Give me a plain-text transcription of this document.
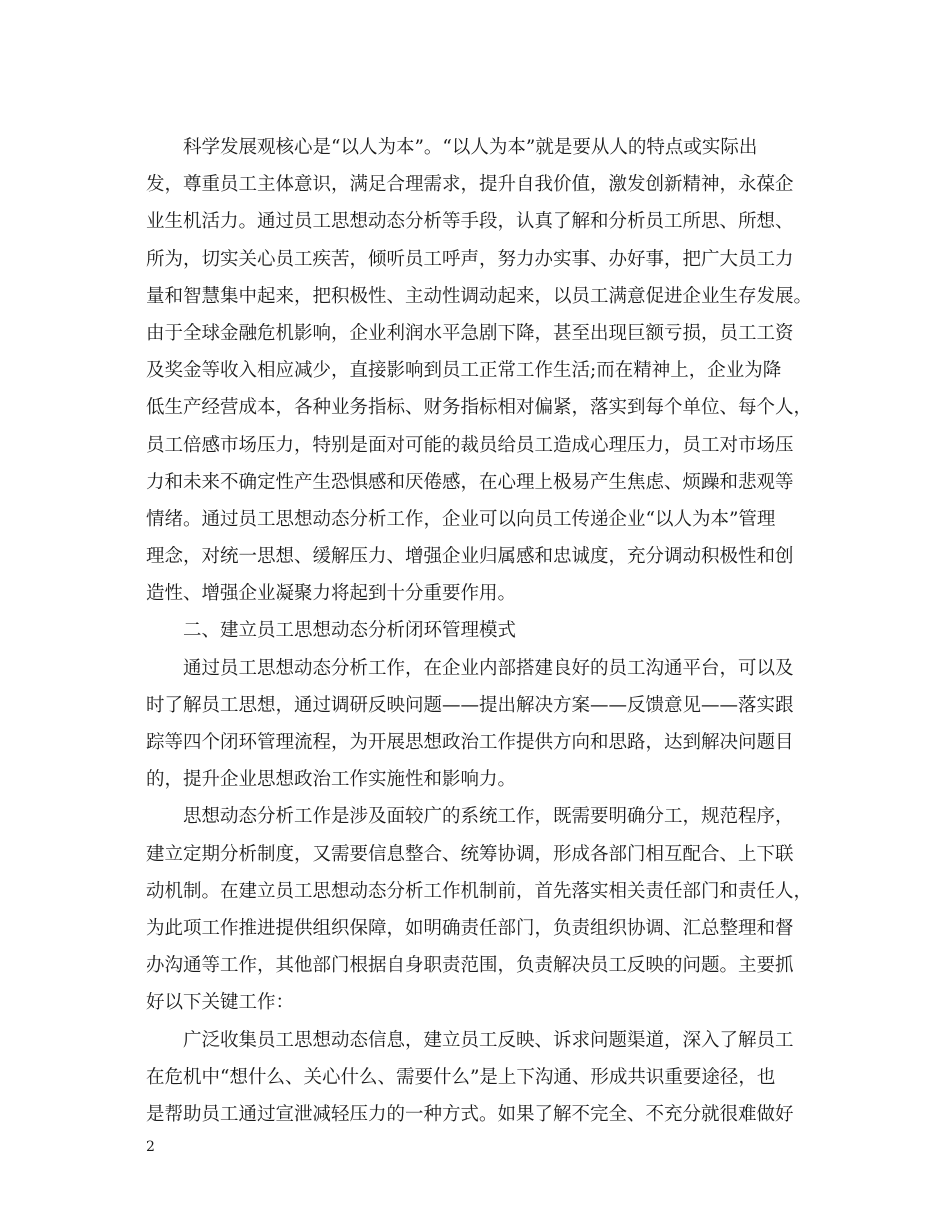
　　科学发展观核心是“以人为本”。“以人为本”就是要从人的特点或实际出
发，尊重员工主体意识，满足合理需求，提升自我价值，激发创新精神，永葆企
业生机活力。通过员工思想动态分析等手段，认真了解和分析员工所思、所想、
所为，切实关心员工疾苦，倾听员工呼声，努力办实事、办好事，把广大员工力
量和智慧集中起来，把积极性、主动性调动起来，以员工满意促进企业生存发展。
由于全球金融危机影响，企业利润水平急剧下降，甚至出现巨额亏损，员工工资
及奖金等收入相应减少，直接影响到员工正常工作生活;而在精神上，企业为降
低生产经营成本，各种业务指标、财务指标相对偏紧，落实到每个单位、每个人，
员工倍感市场压力，特别是面对可能的裁员给员工造成心理压力，员工对市场压
力和未来不确定性产生恐惧感和厌倦感，在心理上极易产生焦虑、烦躁和悲观等
情绪。通过员工思想动态分析工作，企业可以向员工传递企业“以人为本”管理
理念，对统一思想、缓解压力、增强企业归属感和忠诚度，充分调动积极性和创
造性、增强企业凝聚力将起到十分重要作用。
　　二、建立员工思想动态分析闭环管理模式
　　通过员工思想动态分析工作，在企业内部搭建良好的员工沟通平台，可以及
时了解员工思想，通过调研反映问题——提出解决方案——反馈意见——落实跟
踪等四个闭环管理流程，为开展思想政治工作提供方向和思路，达到解决问题目
的，提升企业思想政治工作实施性和影响力。
　　思想动态分析工作是涉及面较广的系统工作，既需要明确分工，规范程序，
建立定期分析制度，又需要信息整合、统筹协调，形成各部门相互配合、上下联
动机制。在建立员工思想动态分析工作机制前，首先落实相关责任部门和责任人，
为此项工作推进提供组织保障，如明确责任部门，负责组织协调、汇总整理和督
办沟通等工作，其他部门根据自身职责范围，负责解决员工反映的问题。主要抓
好以下关键工作：
　　广泛收集员工思想动态信息，建立员工反映、诉求问题渠道，深入了解员工
在危机中“想什么、关心什么、需要什么”是上下沟通、形成共识重要途径，也
是帮助员工通过宣泄减轻压力的一种方式。如果了解不完全、不充分就很难做好
2
